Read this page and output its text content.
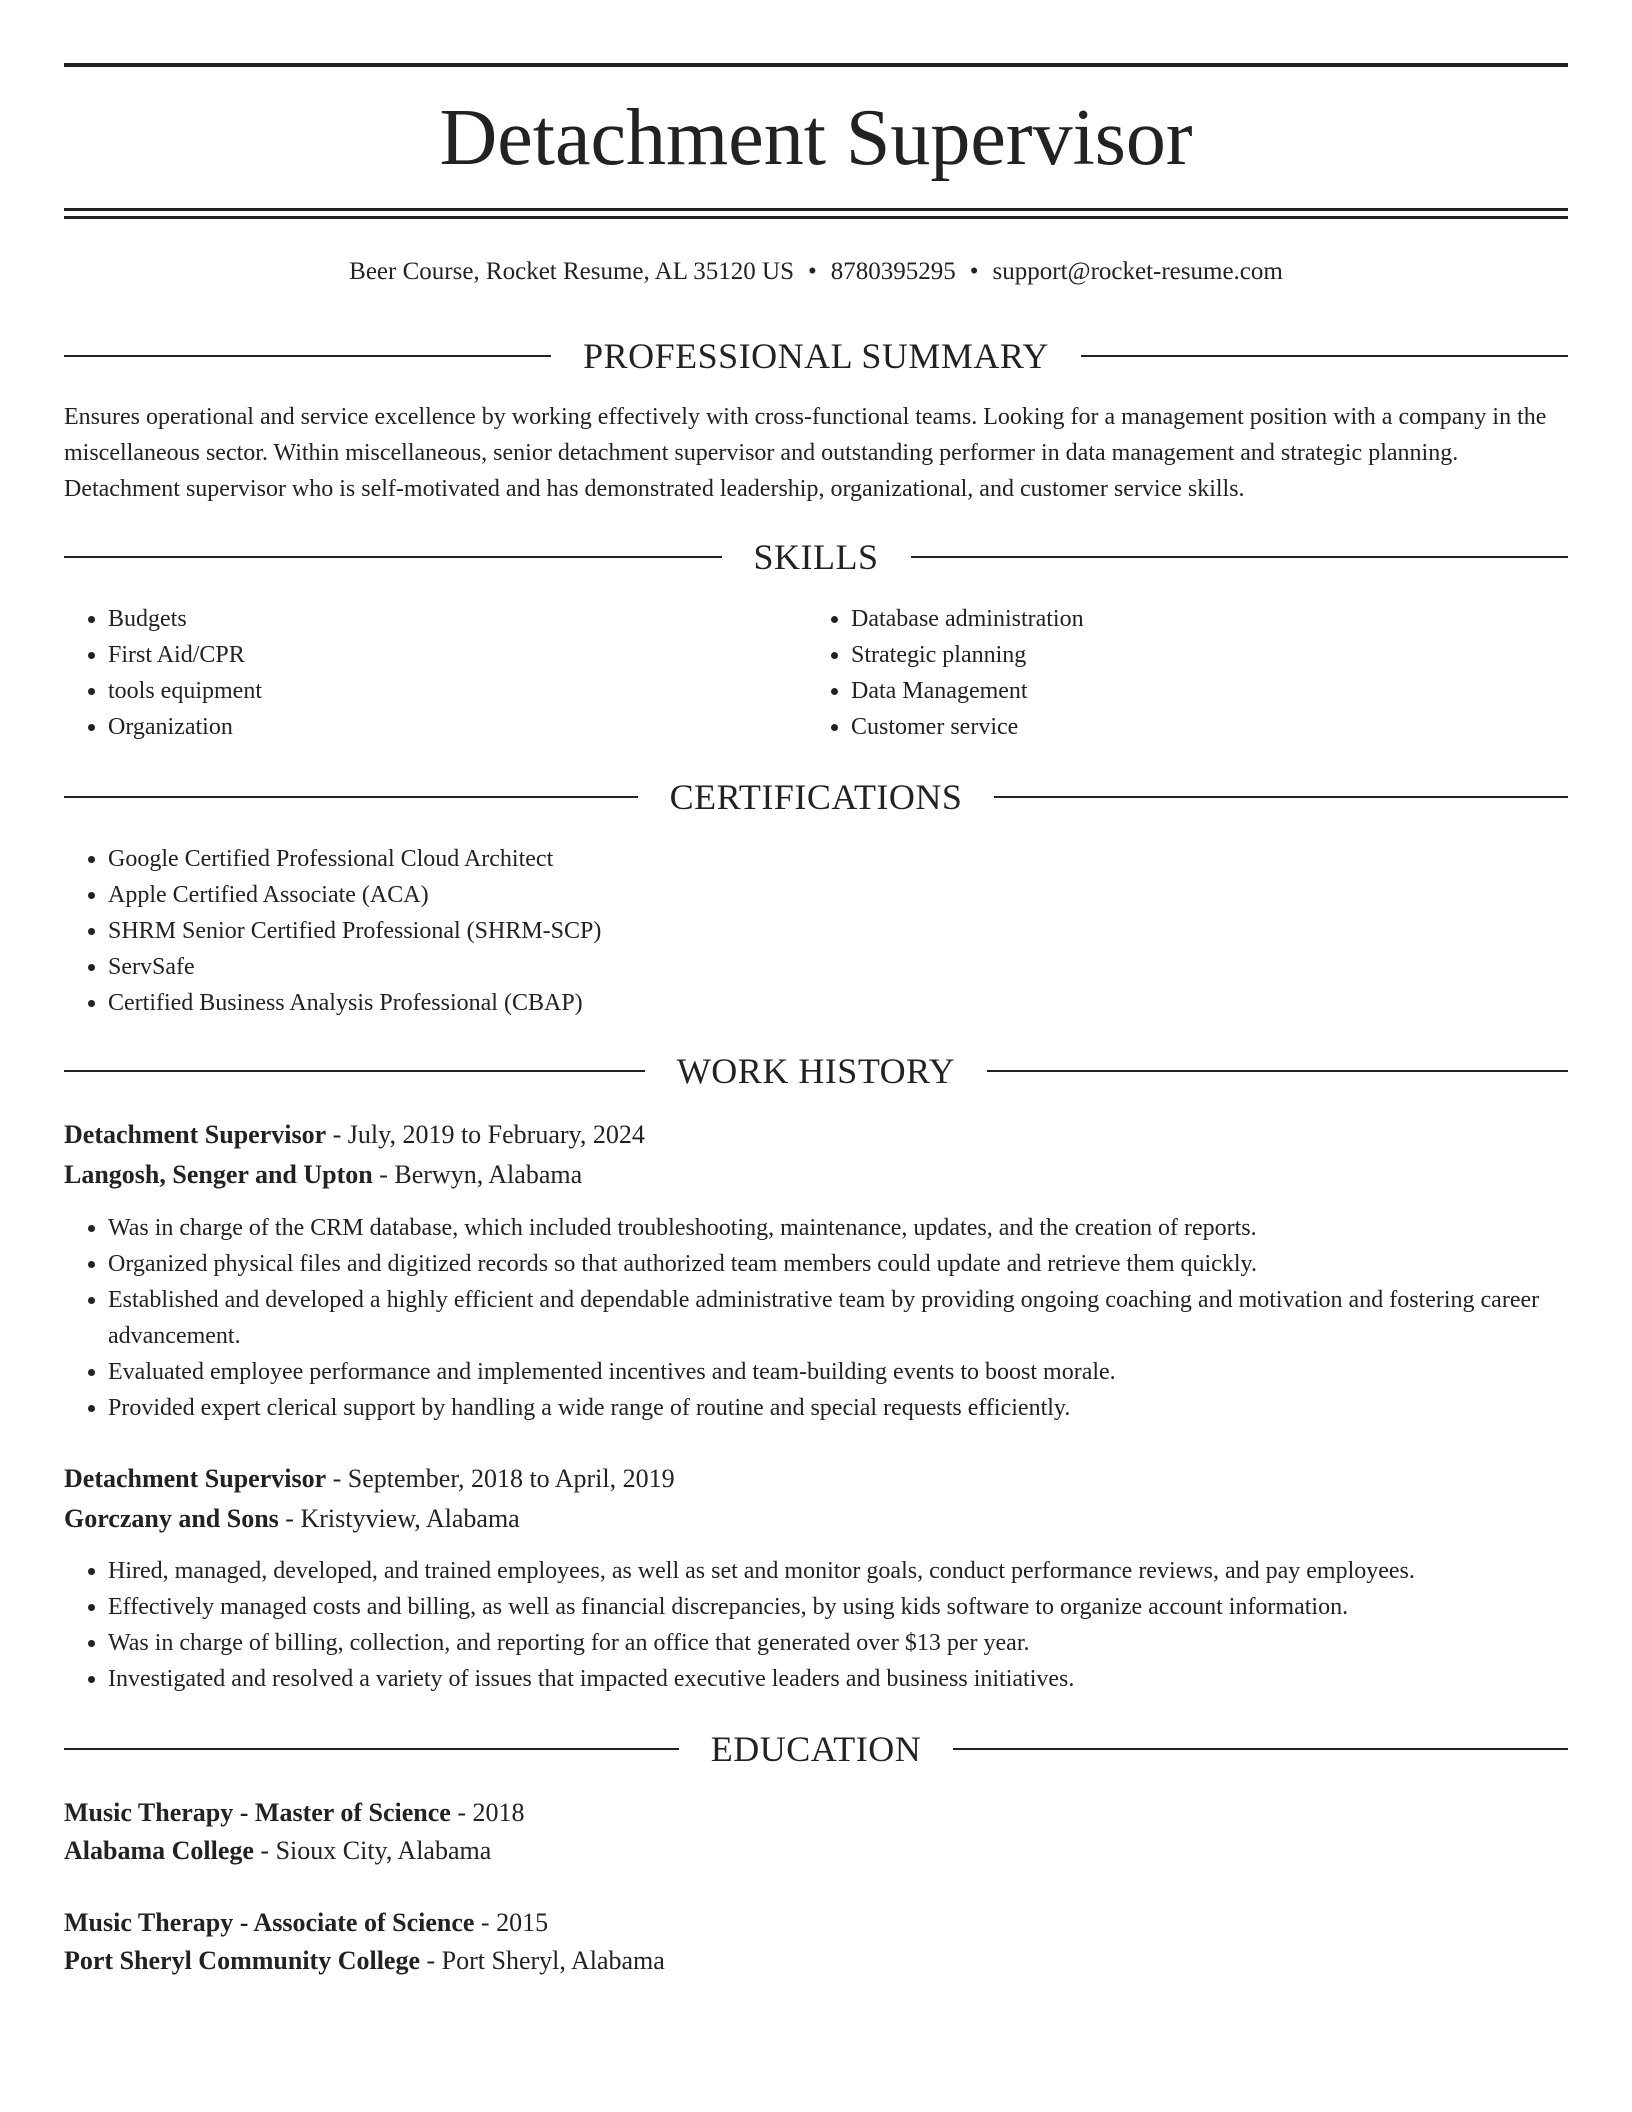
Detachment Supervisor
Beer Course, Rocket Resume, AL 35120 US • 8780395295 • support@rocket-resume.com
PROFESSIONAL SUMMARY

Ensures operational and service excellence by working effectively with cross-functional teams. Looking for a management position with a company in the miscellaneous sector. Within miscellaneous, senior detachment supervisor and outstanding performer in data management and strategic planning. Detachment supervisor who is self-motivated and has demonstrated leadership, organizational, and customer service skills.

SKILLS
• Budgets
• First Aid/CPR
• tools equipment
• Organization
• Database administration
• Strategic planning
• Data Management
• Customer service
CERTIFICATIONS
• Google Certified Professional Cloud Architect
• Apple Certified Associate (ACA)
• SHRM Senior Certified Professional (SHRM-SCP)
• ServSafe
• Certified Business Analysis Professional (CBAP)
WORK HISTORY

Detachment Supervisor - July, 2019 to February, 2024

Langosh, Senger and Upton - Berwyn, Alabama

• Was in charge of the CRM database, which included troubleshooting, maintenance, updates, and the creation of reports.
• Organized physical files and digitized records so that authorized team members could update and retrieve them quickly.
• Established and developed a highly efficient and dependable administrative team by providing ongoing coaching and motivation and fostering career advancement.
• Evaluated employee performance and implemented incentives and team-building events to boost morale.
• Provided expert clerical support by handling a wide range of routine and special requests efficiently.

Detachment Supervisor - September, 2018 to April, 2019

Gorczany and Sons - Kristyview, Alabama

• Hired, managed, developed, and trained employees, as well as set and monitor goals, conduct performance reviews, and pay employees.
• Effectively managed costs and billing, as well as financial discrepancies, by using kids software to organize account information.
• Was in charge of billing, collection, and reporting for an office that generated over $13 per year.
• Investigated and resolved a variety of issues that impacted executive leaders and business initiatives.
EDUCATION

Music Therapy - Master of Science - 2018

Alabama College - Sioux City, Alabama

Music Therapy - Associate of Science - 2015

Port Sheryl Community College - Port Sheryl, Alabama
